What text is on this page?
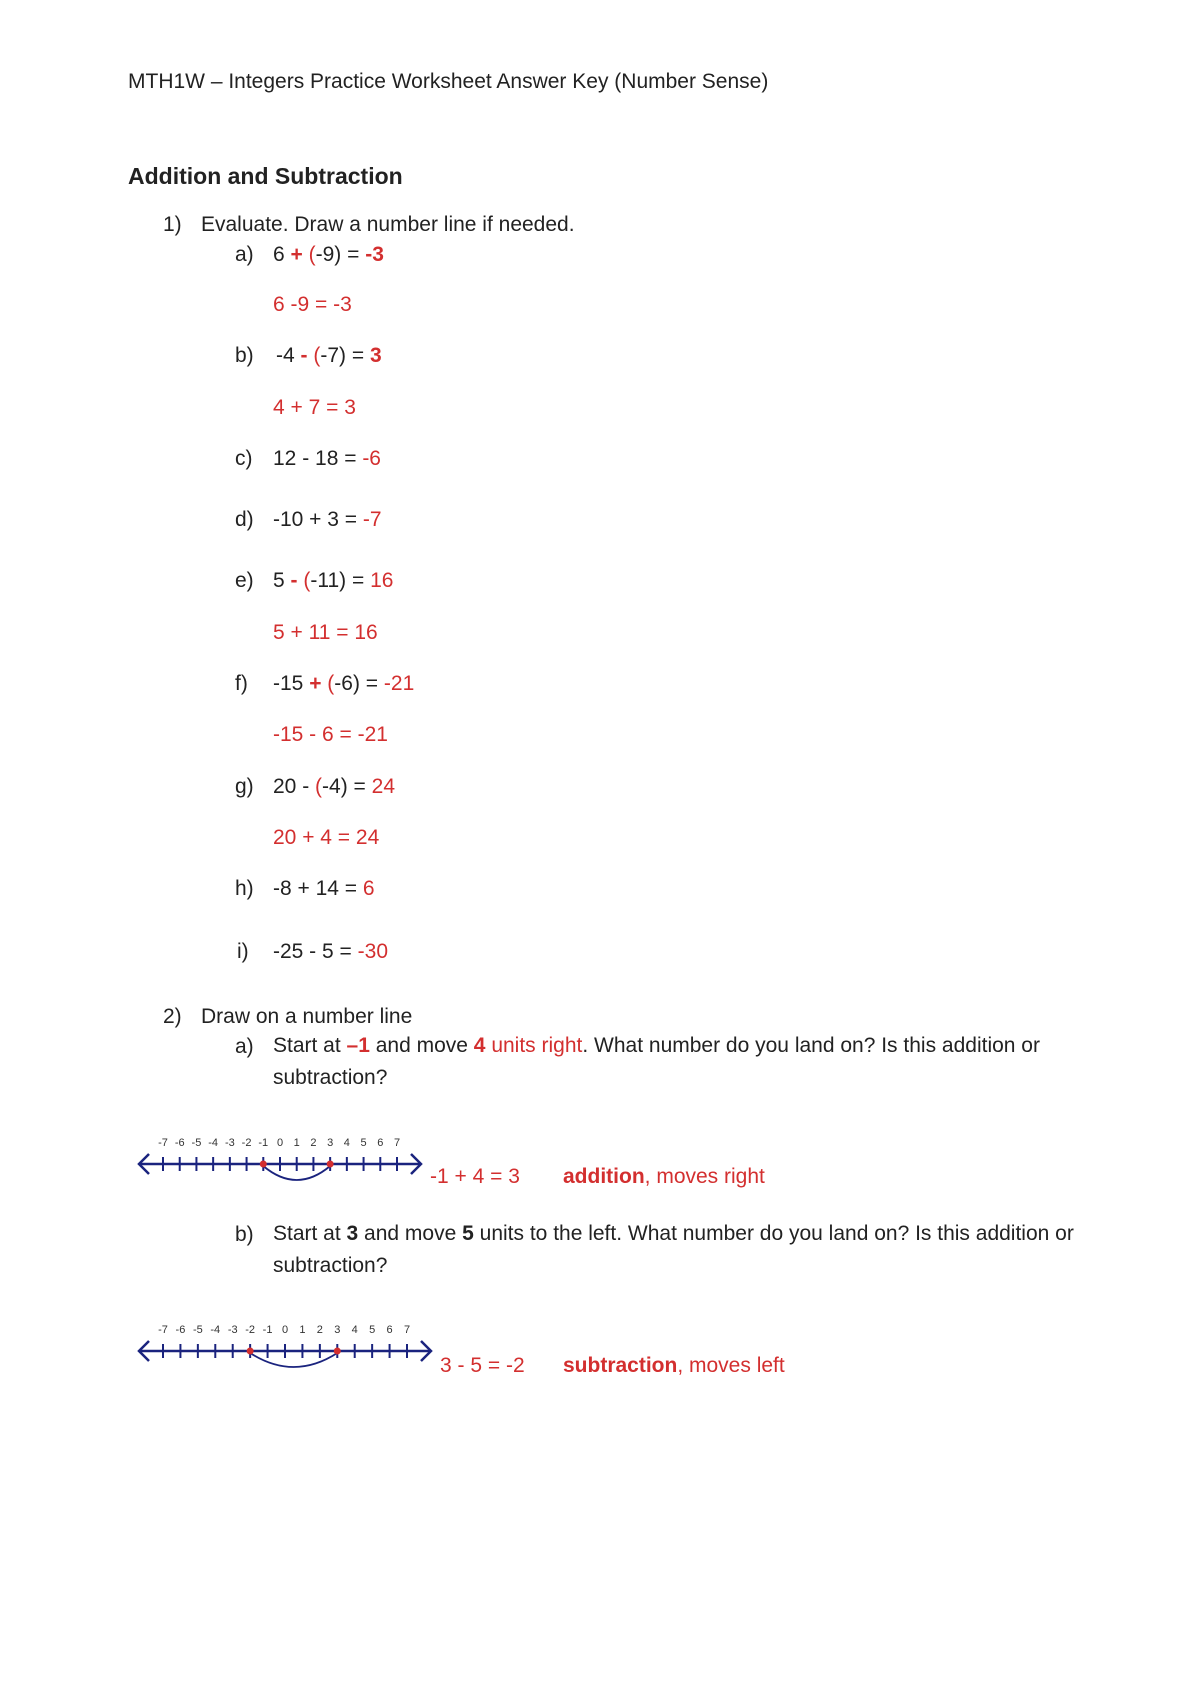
MTH1W – Integers Practice Worksheet Answer Key (Number Sense)
Addition and Subtraction
1) Evaluate. Draw a number line if needed.
a) 6 + (-9) = -3
6 -9 = -3
b)	-4 - (-7) = 3
4 + 7 = 3
c) 12 - 18 = -6
d) -10 + 3 = -7
e) 5 - (-11) = 16
5 + 11 = 16
f)	-15 + (-6) = -21
-15 - 6 = -21
g) 20 - (-4) = 24
20 + 4 = 24
h) -8 + 14 = 6
i)	-25 - 5 = -30
2) Draw on a number line
a) Start at –1 and move 4 units right. What number do you land on? Is this addition or subtraction?
-7 -6 -5 -4 -3 -2 -1 0 1 2 3 4 5 6 7
-1 + 4 = 3 addition, moves right
b) Start at 3 and move 5 units to the left. What number do you land on? Is this addition or subtraction?
-7 -6 -5 -4 -3 -2 -1 0 1 2 3 4 5 6 7
3 - 5 = -2 subtraction, moves left
